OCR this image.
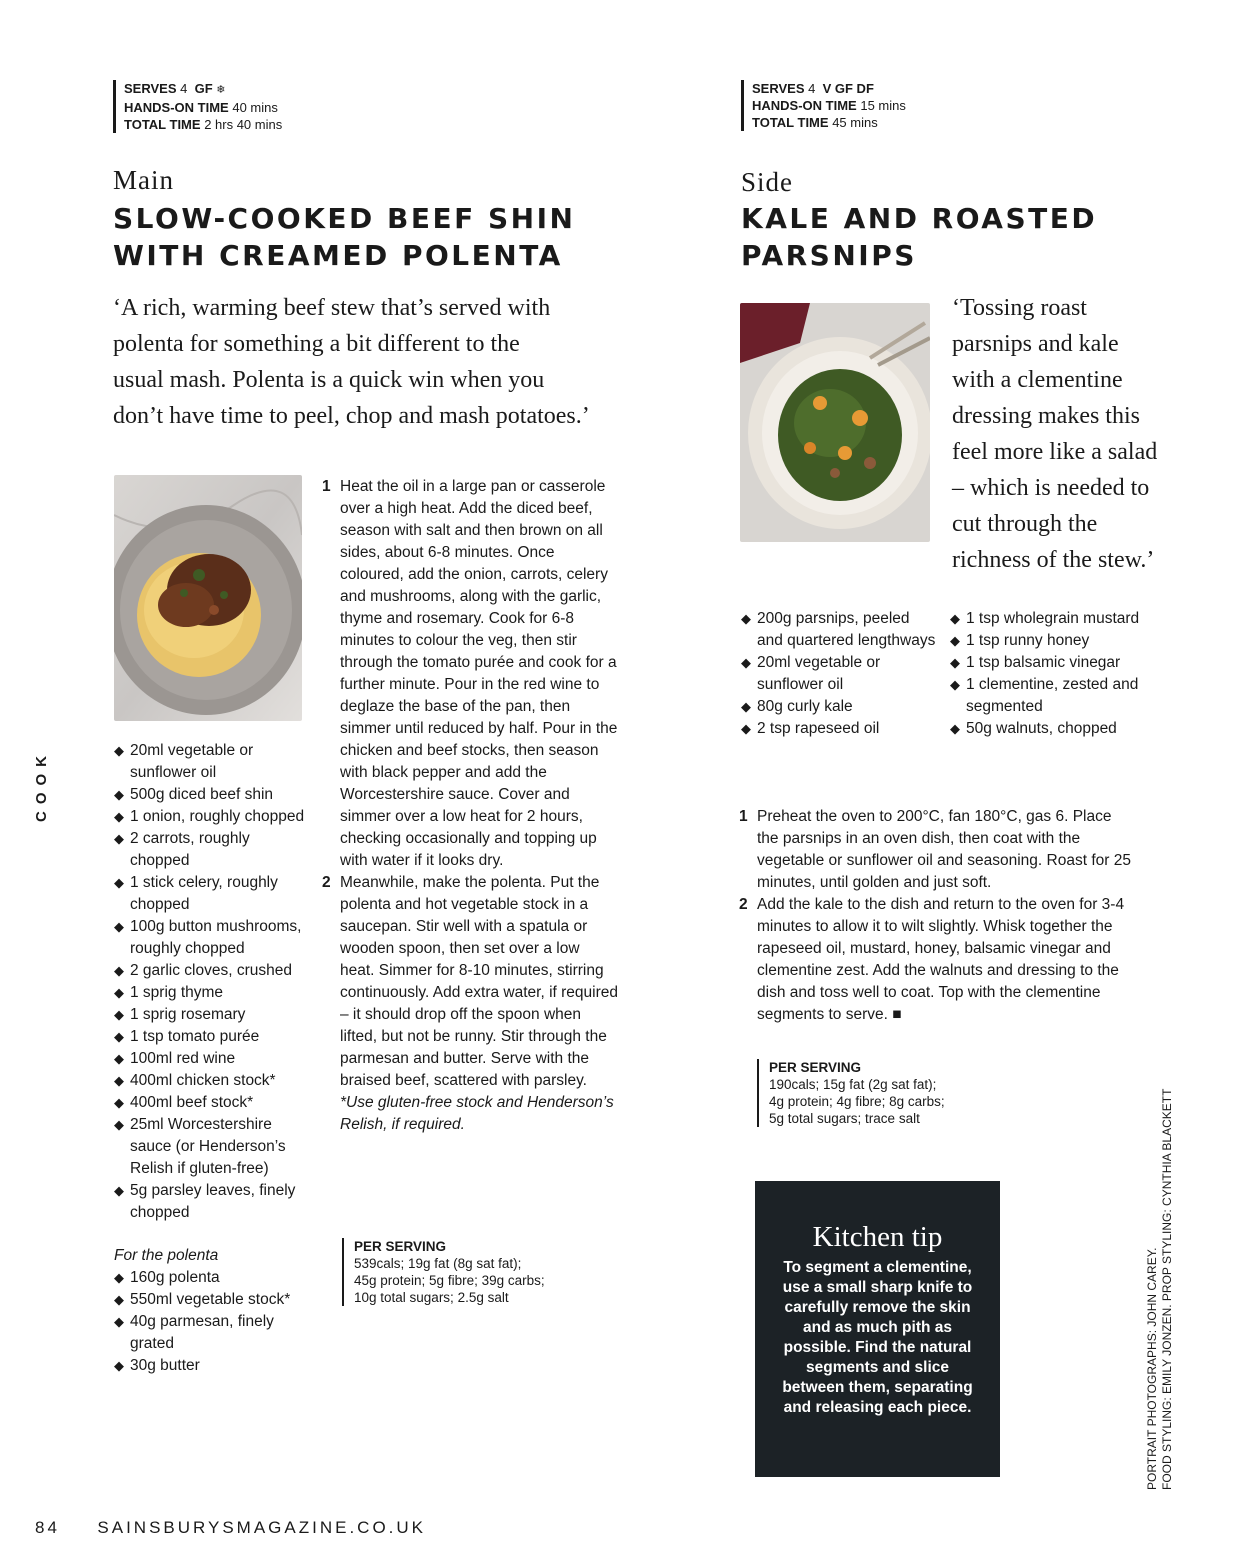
SERVES 4 GF ❄
HANDS-ON TIME 40 mins
TOTAL TIME 2 hrs 40 mins
Main
SLOW-COOKED BEEF SHIN
WITH CREAMED POLENTA
‘A rich, warming beef stew that’s served with
polenta for something a bit different to the
usual mash. Polenta is a quick win when you
don’t have time to peel, chop and mash potatoes.’
◆ 20ml vegetable or sunflower oil
◆ 500g diced beef shin
◆ 1 onion, roughly chopped
◆ 2 carrots, roughly chopped
◆ 1 stick celery, roughly chopped
◆ 100g button mushrooms, roughly chopped
◆ 2 garlic cloves, crushed
◆ 1 sprig thyme
◆ 1 sprig rosemary
◆ 1 tsp tomato purée
◆ 100ml red wine
◆ 400ml chicken stock*
◆ 400ml beef stock*
◆ 25ml Worcestershire sauce (or Henderson’s Relish if gluten-free)
◆ 5g parsley leaves, finely chopped
For the polenta
◆ 160g polenta
◆ 550ml vegetable stock*
◆ 40g parmesan, finely grated
◆ 30g butter
1 Heat the oil in a large pan or casserole over a high heat. Add the diced beef, season with salt and then brown on all sides, about 6-8 minutes. Once coloured, add the onion, carrots, celery and mushrooms, along with the garlic, thyme and rosemary. Cook for 6-8 minutes to colour the veg, then stir through the tomato purée and cook for a further minute. Pour in the red wine to deglaze the base of the pan, then simmer until reduced by half. Pour in the chicken and beef stocks, then season with black pepper and add the Worcestershire sauce. Cover and simmer over a low heat for 2 hours, checking occasionally and topping up with water if it looks dry.
2 Meanwhile, make the polenta. Put the polenta and hot vegetable stock in a saucepan. Stir well with a spatula or wooden spoon, then set over a low heat. Simmer for 8-10 minutes, stirring continuously. Add extra water, if required – it should drop off the spoon when lifted, but not be runny. Stir through the parmesan and butter. Serve with the braised beef, scattered with parsley.
*Use gluten-free stock and Henderson’s Relish, if required.
PER SERVING
539cals; 19g fat (8g sat fat);
45g protein; 5g fibre; 39g carbs;
10g total sugars; 2.5g salt
SERVES 4 V GF DF
HANDS-ON TIME 15 mins
TOTAL TIME 45 mins
Side
KALE AND ROASTED
PARSNIPS
‘Tossing roast
parsnips and kale
with a clementine
dressing makes this
feel more like a salad
– which is needed to
cut through the
richness of the stew.’
◆ 200g parsnips, peeled and quartered lengthways
◆ 20ml vegetable or sunflower oil
◆ 80g curly kale
◆ 2 tsp rapeseed oil
◆ 1 tsp wholegrain mustard
◆ 1 tsp runny honey
◆ 1 tsp balsamic vinegar
◆ 1 clementine, zested and segmented
◆ 50g walnuts, chopped
1 Preheat the oven to 200°C, fan 180°C, gas 6. Place the parsnips in an oven dish, then coat with the vegetable or sunflower oil and seasoning. Roast for 25 minutes, until golden and just soft.
2 Add the kale to the dish and return to the oven for 3-4 minutes to allow it to wilt slightly. Whisk together the rapeseed oil, mustard, honey, balsamic vinegar and clementine zest. Add the walnuts and dressing to the dish and toss well to coat. Top with the clementine segments to serve. ■
PER SERVING
190cals; 15g fat (2g sat fat);
4g protein; 4g fibre; 8g carbs;
5g total sugars; trace salt
Kitchen tip
To segment a clementine, use a small sharp knife to carefully remove the skin and as much pith as possible. Find the natural segments and slice between them, separating and releasing each piece.	PORTRAIT PHOTOGRAPHS: JOHN CAREY. FOOD STYLING: EMILY JONZEN. PROP STYLING: CYNTHIA BLACKETT
COOK
84 SAINSBURYSMAGAZINE.CO.UK
